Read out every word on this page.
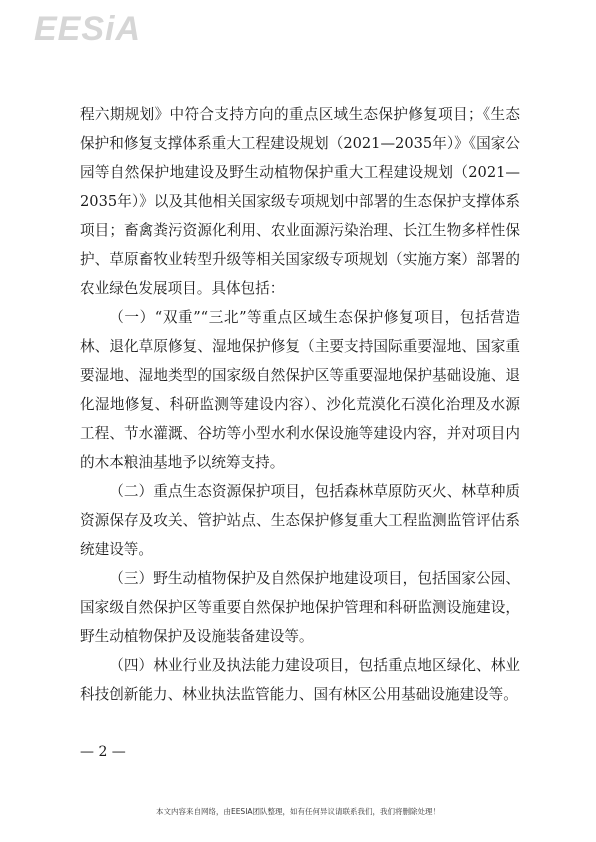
EESiA

程六期规划》中符合支持方向的重点区域生态保护修复项目；《生态保护和修复支撑体系重大工程建设规划（2021—2035年）》《国家公园等自然保护地建设及野生动植物保护重大工程建设规划（2021—2035年）》以及其他相关国家级专项规划中部署的生态保护支撑体系项目；畜禽粪污资源化利用、农业面源污染治理、长江生物多样性保护、草原畜牧业转型升级等相关国家级专项规划（实施方案）部署的农业绿色发展项目。具体包括：

（一）“双重”“三北”等重点区域生态保护修复项目，包括营造林、退化草原修复、湿地保护修复（主要支持国际重要湿地、国家重要湿地、湿地类型的国家级自然保护区等重要湿地保护基础设施、退化湿地修复、科研监测等建设内容）、沙化荒漠化石漠化治理及水源工程、节水灌溉、谷坊等小型水利水保设施等建设内容，并对项目内的木本粮油基地予以统筹支持。

（二）重点生态资源保护项目，包括森林草原防灭火、林草种质资源保存及攻关、管护站点、生态保护修复重大工程监测监管评估系统建设等。

（三）野生动植物保护及自然保护地建设项目，包括国家公园、国家级自然保护区等重要自然保护地保护管理和科研监测设施建设，野生动植物保护及设施装备建设等。

（四）林业行业及执法能力建设项目，包括重点地区绿化、林业科技创新能力、林业执法监管能力、国有林区公用基础设施建设等。

— 2 —
本文内容来自网络，由EESIA团队整理，如有任何异议请联系我们，我们将删除处理！
